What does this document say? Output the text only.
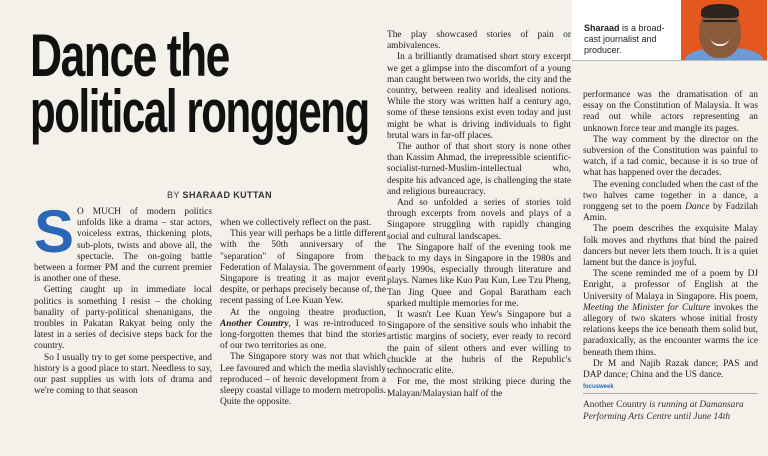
Dance the
political ronggeng
BY SHARAAD KUTTAN
Sharaad is a broad-cast journalist and producer.

S O MUCH of modern politics unfolds like a drama – star actors, voiceless extras, thickening plots, sub-plots, twists and above all, the spectacle. The on-going battle between a former PM and the current premier is another one of these.

Getting caught up in immediate local politics is something I resist – the choking banality of party-political shenanigans, the troubles in Pakatan Rakyat being only the latest in a series of decisive steps back for the country.

So I usually try to get some perspective, and history is a good place to start. Needless to say, our past supplies us with lots of drama and we're coming to that season

when we collectively reflect on the past.

This year will perhaps be a little different with the 50th anniversary of the "separation" of Singapore from the Federation of Malaysia. The government of Singapore is treating it as major event despite, or perhaps precisely because of, the recent passing of Lee Kuan Yew.

At the ongoing theatre production, Another Country, I was re-introduced to long-forgotten themes that bind the stories of our two territories as one.

The Singapore story was not that which Lee favoured and which the media slavishly reproduced – of heroic development from a sleepy coastal village to modern metropolis. Quite the opposite.

The play showcased stories of pain or ambivalences.

In a brilliantly dramatised short story excerpt we get a glimpse into the discomfort of a young man caught between two worlds, the city and the country, between reality and idealised notions. While the story was written half a century ago, some of these tensions exist even today and just might be what is driving individuals to fight brutal wars in far-off places.

The author of that short story is none other than Kassim Ahmad, the irrepressible scientific-socialist-turned-Muslim-intellectual who, despite his advanced age, is challenging the state and religious bureaucracy.

And so unfolded a series of stories told through excerpts from novels and plays of a Singapore struggling with rapidly changing social and cultural landscapes.

The Singapore half of the evening took me back to my days in Singapore in the 1980s and early 1990s, especially through literature and plays. Names like Kuo Pau Kun, Lee Tzu Pheng, Tan Jing Quee and Gopal Baratham each sparked multiple memories for me.

It wasn't Lee Kuan Yew's Singapore but a Singapore of the sensitive souls who inhabit the artistic margins of society, ever ready to record the pain of silent others and ever willing to chuckle at the hubris of the Republic's technocratic elite.

For me, the most striking piece during the Malayan/Malaysian half of the

performance was the dramatisation of an essay on the Constitution of Malaysia. It was read out while actors representing an unknown force tear and mangle its pages.

The way comment by the director on the subversion of the Constitution was painful to watch, if a tad comic, because it is so true of what has happened over the decades.

The evening concluded when the cast of the two halves came together in a dance, a ronggeng set to the poem Dance by Fadzilah Amin.

The poem describes the exquisite Malay folk moves and rhythms that bind the paired dancers but never lets them touch. It is a quiet lament but the dance is joyful.

The scene reminded me of a poem by DJ Enright, a professor of English at the University of Malaya in Singapore. His poem, Meeting the Minister for Culture invokes the allegory of two skaters whose initial frosty relations keeps the ice beneath them solid but, paradoxically, as the encounter warms the ice beneath them thins.

Dr M and Najib Razak dance; PAS and DAP dance; China and the US dance.

focusweek

Another Country is running at Damansara Performing Arts Centre until June 14th
